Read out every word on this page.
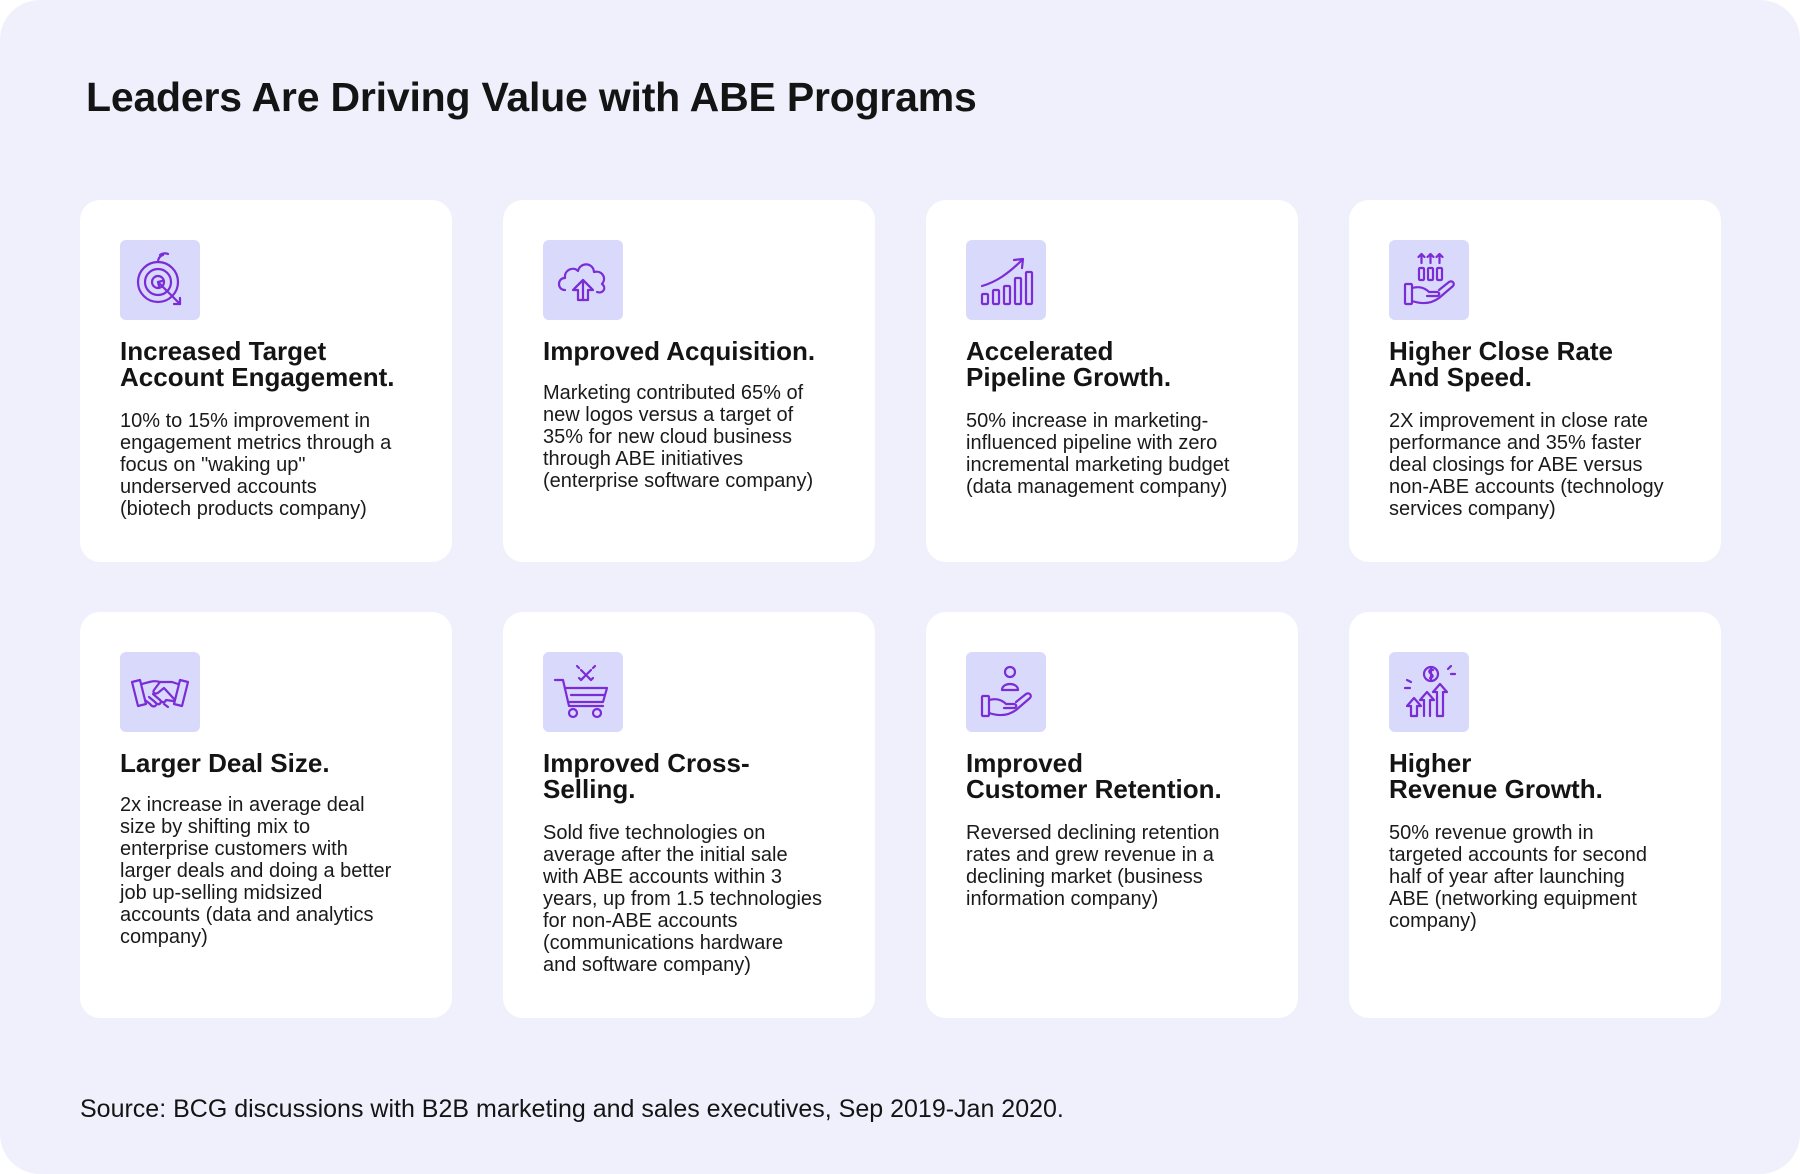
Leaders Are Driving Value with ABE Programs
Increased Target
Account Engagement.

10% to 15% improvement in
engagement metrics through a
focus on "waking up"
underserved accounts
(biotech products company)

Improved Acquisition.

Marketing contributed 65% of
new logos versus a target of
35% for new cloud business
through ABE initiatives
(enterprise software company)

Accelerated
Pipeline Growth.

50% increase in marketing-
influenced pipeline with zero
incremental marketing budget
(data management company)

Higher Close Rate
And Speed.

2X improvement in close rate
performance and 35% faster
deal closings for ABE versus
non-ABE accounts (technology
services company)

Larger Deal Size.

2x increase in average deal
size by shifting mix to
enterprise customers with
larger deals and doing a better
job up-selling midsized
accounts (data and analytics
company)

Improved Cross-
Selling.

Sold five technologies on
average after the initial sale
with ABE accounts within 3
years, up from 1.5 technologies
for non-ABE accounts
(communications hardware
and software company)

Improved
Customer Retention.

Reversed declining retention
rates and grew revenue in a
declining market (business
information company)

Higher
Revenue Growth.

50% revenue growth in
targeted accounts for second
half of year after launching
ABE (networking equipment
company)

Source: BCG discussions with B2B marketing and sales executives, Sep 2019-Jan 2020.
